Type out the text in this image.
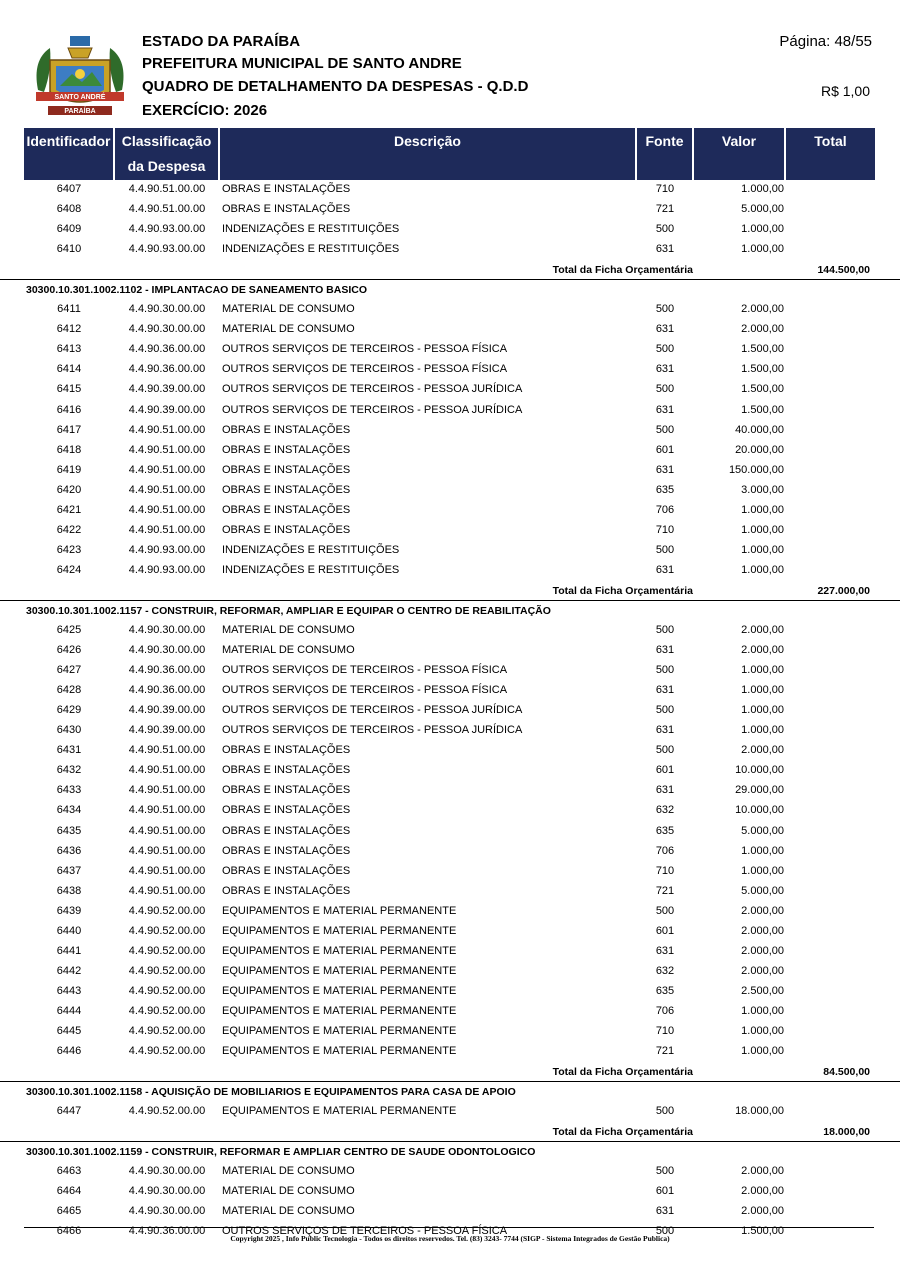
SANTO ANDRÉ
PARAÍBA
ESTADO DA PARAÍBA
PREFEITURA MUNICIPAL DE SANTO ANDRE
QUADRO DE DETALHAMENTO DA DESPESAS - Q.D.D
EXERCÍCIO: 2026
Página: 48/55
R$ 1,00
Identificador Classificação
da Despesa
Descrição	Fonte	Valor	Total
6407	4.4.90.51.00.00	OBRAS E INSTALAÇÕES	710	1.000,00
6408	4.4.90.51.00.00	OBRAS E INSTALAÇÕES	721	5.000,00
6409	4.4.90.93.00.00	INDENIZAÇÕES E RESTITUIÇÕES	500	1.000,00
6410	4.4.90.93.00.00	INDENIZAÇÕES E RESTITUIÇÕES	631	1.000,00
Total da Ficha Orçamentária	144.500,00
30300.10.301.1002.1102 - IMPLANTACAO DE SANEAMENTO BASICO
6411	4.4.90.30.00.00	MATERIAL DE CONSUMO	500	2.000,00
6412	4.4.90.30.00.00	MATERIAL DE CONSUMO	631	2.000,00
6413	4.4.90.36.00.00	OUTROS SERVIÇOS DE TERCEIROS - PESSOA FÍSICA	500	1.500,00
6414	4.4.90.36.00.00	OUTROS SERVIÇOS DE TERCEIROS - PESSOA FÍSICA	631	1.500,00
6415	4.4.90.39.00.00	OUTROS SERVIÇOS DE TERCEIROS - PESSOA JURÍDICA	500	1.500,00
6416	4.4.90.39.00.00	OUTROS SERVIÇOS DE TERCEIROS - PESSOA JURÍDICA	631	1.500,00
6417	4.4.90.51.00.00	OBRAS E INSTALAÇÕES	500	40.000,00
6418	4.4.90.51.00.00	OBRAS E INSTALAÇÕES	601	20.000,00
6419	4.4.90.51.00.00	OBRAS E INSTALAÇÕES	631	150.000,00
6420	4.4.90.51.00.00	OBRAS E INSTALAÇÕES	635	3.000,00
6421	4.4.90.51.00.00	OBRAS E INSTALAÇÕES	706	1.000,00
6422	4.4.90.51.00.00	OBRAS E INSTALAÇÕES	710	1.000,00
6423	4.4.90.93.00.00	INDENIZAÇÕES E RESTITUIÇÕES	500	1.000,00
6424	4.4.90.93.00.00	INDENIZAÇÕES E RESTITUIÇÕES	631	1.000,00
Total da Ficha Orçamentária	227.000,00
30300.10.301.1002.1157 - CONSTRUIR, REFORMAR, AMPLIAR E EQUIPAR O CENTRO DE REABILITAÇÃO
6425	4.4.90.30.00.00	MATERIAL DE CONSUMO	500	2.000,00
6426	4.4.90.30.00.00	MATERIAL DE CONSUMO	631	2.000,00
6427	4.4.90.36.00.00	OUTROS SERVIÇOS DE TERCEIROS - PESSOA FÍSICA	500	1.000,00
6428	4.4.90.36.00.00	OUTROS SERVIÇOS DE TERCEIROS - PESSOA FÍSICA	631	1.000,00
6429	4.4.90.39.00.00	OUTROS SERVIÇOS DE TERCEIROS - PESSOA JURÍDICA	500	1.000,00
6430	4.4.90.39.00.00	OUTROS SERVIÇOS DE TERCEIROS - PESSOA JURÍDICA	631	1.000,00
6431	4.4.90.51.00.00	OBRAS E INSTALAÇÕES	500	2.000,00
6432	4.4.90.51.00.00	OBRAS E INSTALAÇÕES	601	10.000,00
6433	4.4.90.51.00.00	OBRAS E INSTALAÇÕES	631	29.000,00
6434	4.4.90.51.00.00	OBRAS E INSTALAÇÕES	632	10.000,00
6435	4.4.90.51.00.00	OBRAS E INSTALAÇÕES	635	5.000,00
6436	4.4.90.51.00.00	OBRAS E INSTALAÇÕES	706	1.000,00
6437	4.4.90.51.00.00	OBRAS E INSTALAÇÕES	710	1.000,00
6438	4.4.90.51.00.00	OBRAS E INSTALAÇÕES	721	5.000,00
6439	4.4.90.52.00.00	EQUIPAMENTOS E MATERIAL PERMANENTE	500	2.000,00
6440	4.4.90.52.00.00	EQUIPAMENTOS E MATERIAL PERMANENTE	601	2.000,00
6441	4.4.90.52.00.00	EQUIPAMENTOS E MATERIAL PERMANENTE	631	2.000,00
6442	4.4.90.52.00.00	EQUIPAMENTOS E MATERIAL PERMANENTE	632	2.000,00
6443	4.4.90.52.00.00	EQUIPAMENTOS E MATERIAL PERMANENTE	635	2.500,00
6444	4.4.90.52.00.00	EQUIPAMENTOS E MATERIAL PERMANENTE	706	1.000,00
6445	4.4.90.52.00.00	EQUIPAMENTOS E MATERIAL PERMANENTE	710	1.000,00
6446	4.4.90.52.00.00	EQUIPAMENTOS E MATERIAL PERMANENTE	721	1.000,00
Total da Ficha Orçamentária	84.500,00
30300.10.301.1002.1158 - AQUISIÇÃO DE MOBILIARIOS E EQUIPAMENTOS PARA CASA DE APOIO
6447	4.4.90.52.00.00	EQUIPAMENTOS E MATERIAL PERMANENTE	500	18.000,00
Total da Ficha Orçamentária	18.000,00
30300.10.301.1002.1159 - CONSTRUIR, REFORMAR E AMPLIAR CENTRO DE SAUDE ODONTOLOGICO
6463	4.4.90.30.00.00	MATERIAL DE CONSUMO	500	2.000,00
6464	4.4.90.30.00.00	MATERIAL DE CONSUMO	601	2.000,00
6465	4.4.90.30.00.00	MATERIAL DE CONSUMO	631	2.000,00
6466	4.4.90.36.00.00	OUTROS SERVIÇOS DE TERCEIROS - PESSOA FÍSICA	500	1.500,00
Copyright 2025 , Info Public Tecnologia - Todos os direitos reservedos. Tel. (83) 3243- 7744 (SIGP - Sistema Integrados de Gestão Publica)
